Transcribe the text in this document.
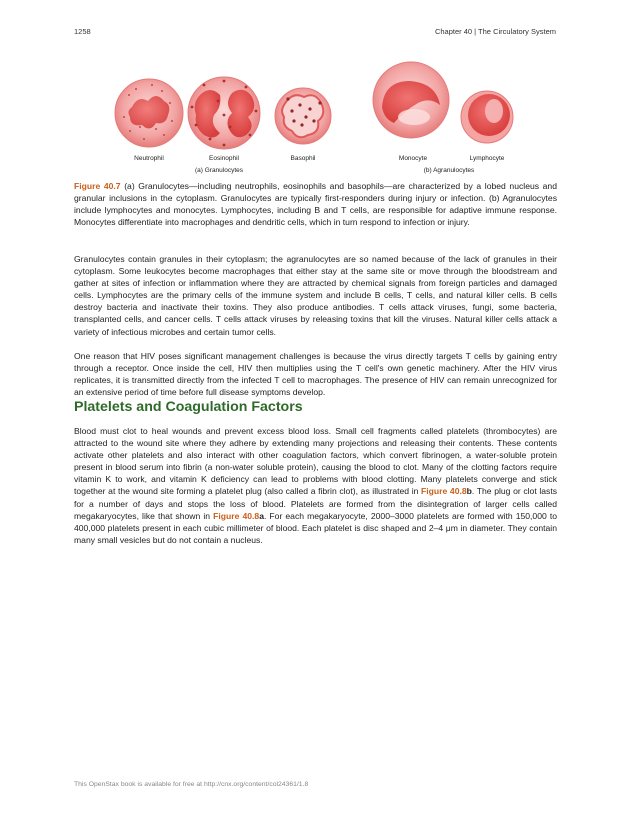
1258	Chapter 40 | The Circulatory System
Neutrophil	Eosinophil	Basophil	Monocyte	Lymphocyte
(a) Granulocytes	(b) Agranulocytes

Figure 40.7 (a) Granulocytes—including neutrophils, eosinophils and basophils—are characterized by a lobed nucleus and granular inclusions in the cytoplasm. Granulocytes are typically first-responders during injury or infection. (b) Agranulocytes include lymphocytes and monocytes. Lymphocytes, including B and T cells, are responsible for adaptive immune response. Monocytes differentiate into macrophages and dendritic cells, which in turn respond to infection or injury.

Granulocytes contain granules in their cytoplasm; the agranulocytes are so named because of the lack of granules in their cytoplasm. Some leukocytes become macrophages that either stay at the same site or move through the bloodstream and gather at sites of infection or inflammation where they are attracted by chemical signals from foreign particles and damaged cells. Lymphocytes are the primary cells of the immune system and include B cells, T cells, and natural killer cells. B cells destroy bacteria and inactivate their toxins. They also produce antibodies. T cells attack viruses, fungi, some bacteria, transplanted cells, and cancer cells. T cells attack viruses by releasing toxins that kill the viruses. Natural killer cells attack a variety of infectious microbes and certain tumor cells.

One reason that HIV poses significant management challenges is because the virus directly targets T cells by gaining entry through a receptor. Once inside the cell, HIV then multiplies using the T cell's own genetic machinery. After the HIV virus replicates, it is transmitted directly from the infected T cell to macrophages. The presence of HIV can remain unrecognized for an extensive period of time before full disease symptoms develop.

Platelets and Coagulation Factors

Blood must clot to heal wounds and prevent excess blood loss. Small cell fragments called platelets (thrombocytes) are attracted to the wound site where they adhere by extending many projections and releasing their contents. These contents activate other platelets and also interact with other coagulation factors, which convert fibrinogen, a water-soluble protein present in blood serum into fibrin (a non-water soluble protein), causing the blood to clot. Many of the clotting factors require vitamin K to work, and vitamin K deficiency can lead to problems with blood clotting. Many platelets converge and stick together at the wound site forming a platelet plug (also called a fibrin clot), as illustrated in Figure 40.8b. The plug or clot lasts for a number of days and stops the loss of blood. Platelets are formed from the disintegration of larger cells called megakaryocytes, like that shown in Figure 40.8a. For each megakaryocyte, 2000–3000 platelets are formed with 150,000 to 400,000 platelets present in each cubic millimeter of blood. Each platelet is disc shaped and 2–4 μm in diameter. They contain many small vesicles but do not contain a nucleus.

This OpenStax book is available for free at http://cnx.org/content/col24361/1.8
